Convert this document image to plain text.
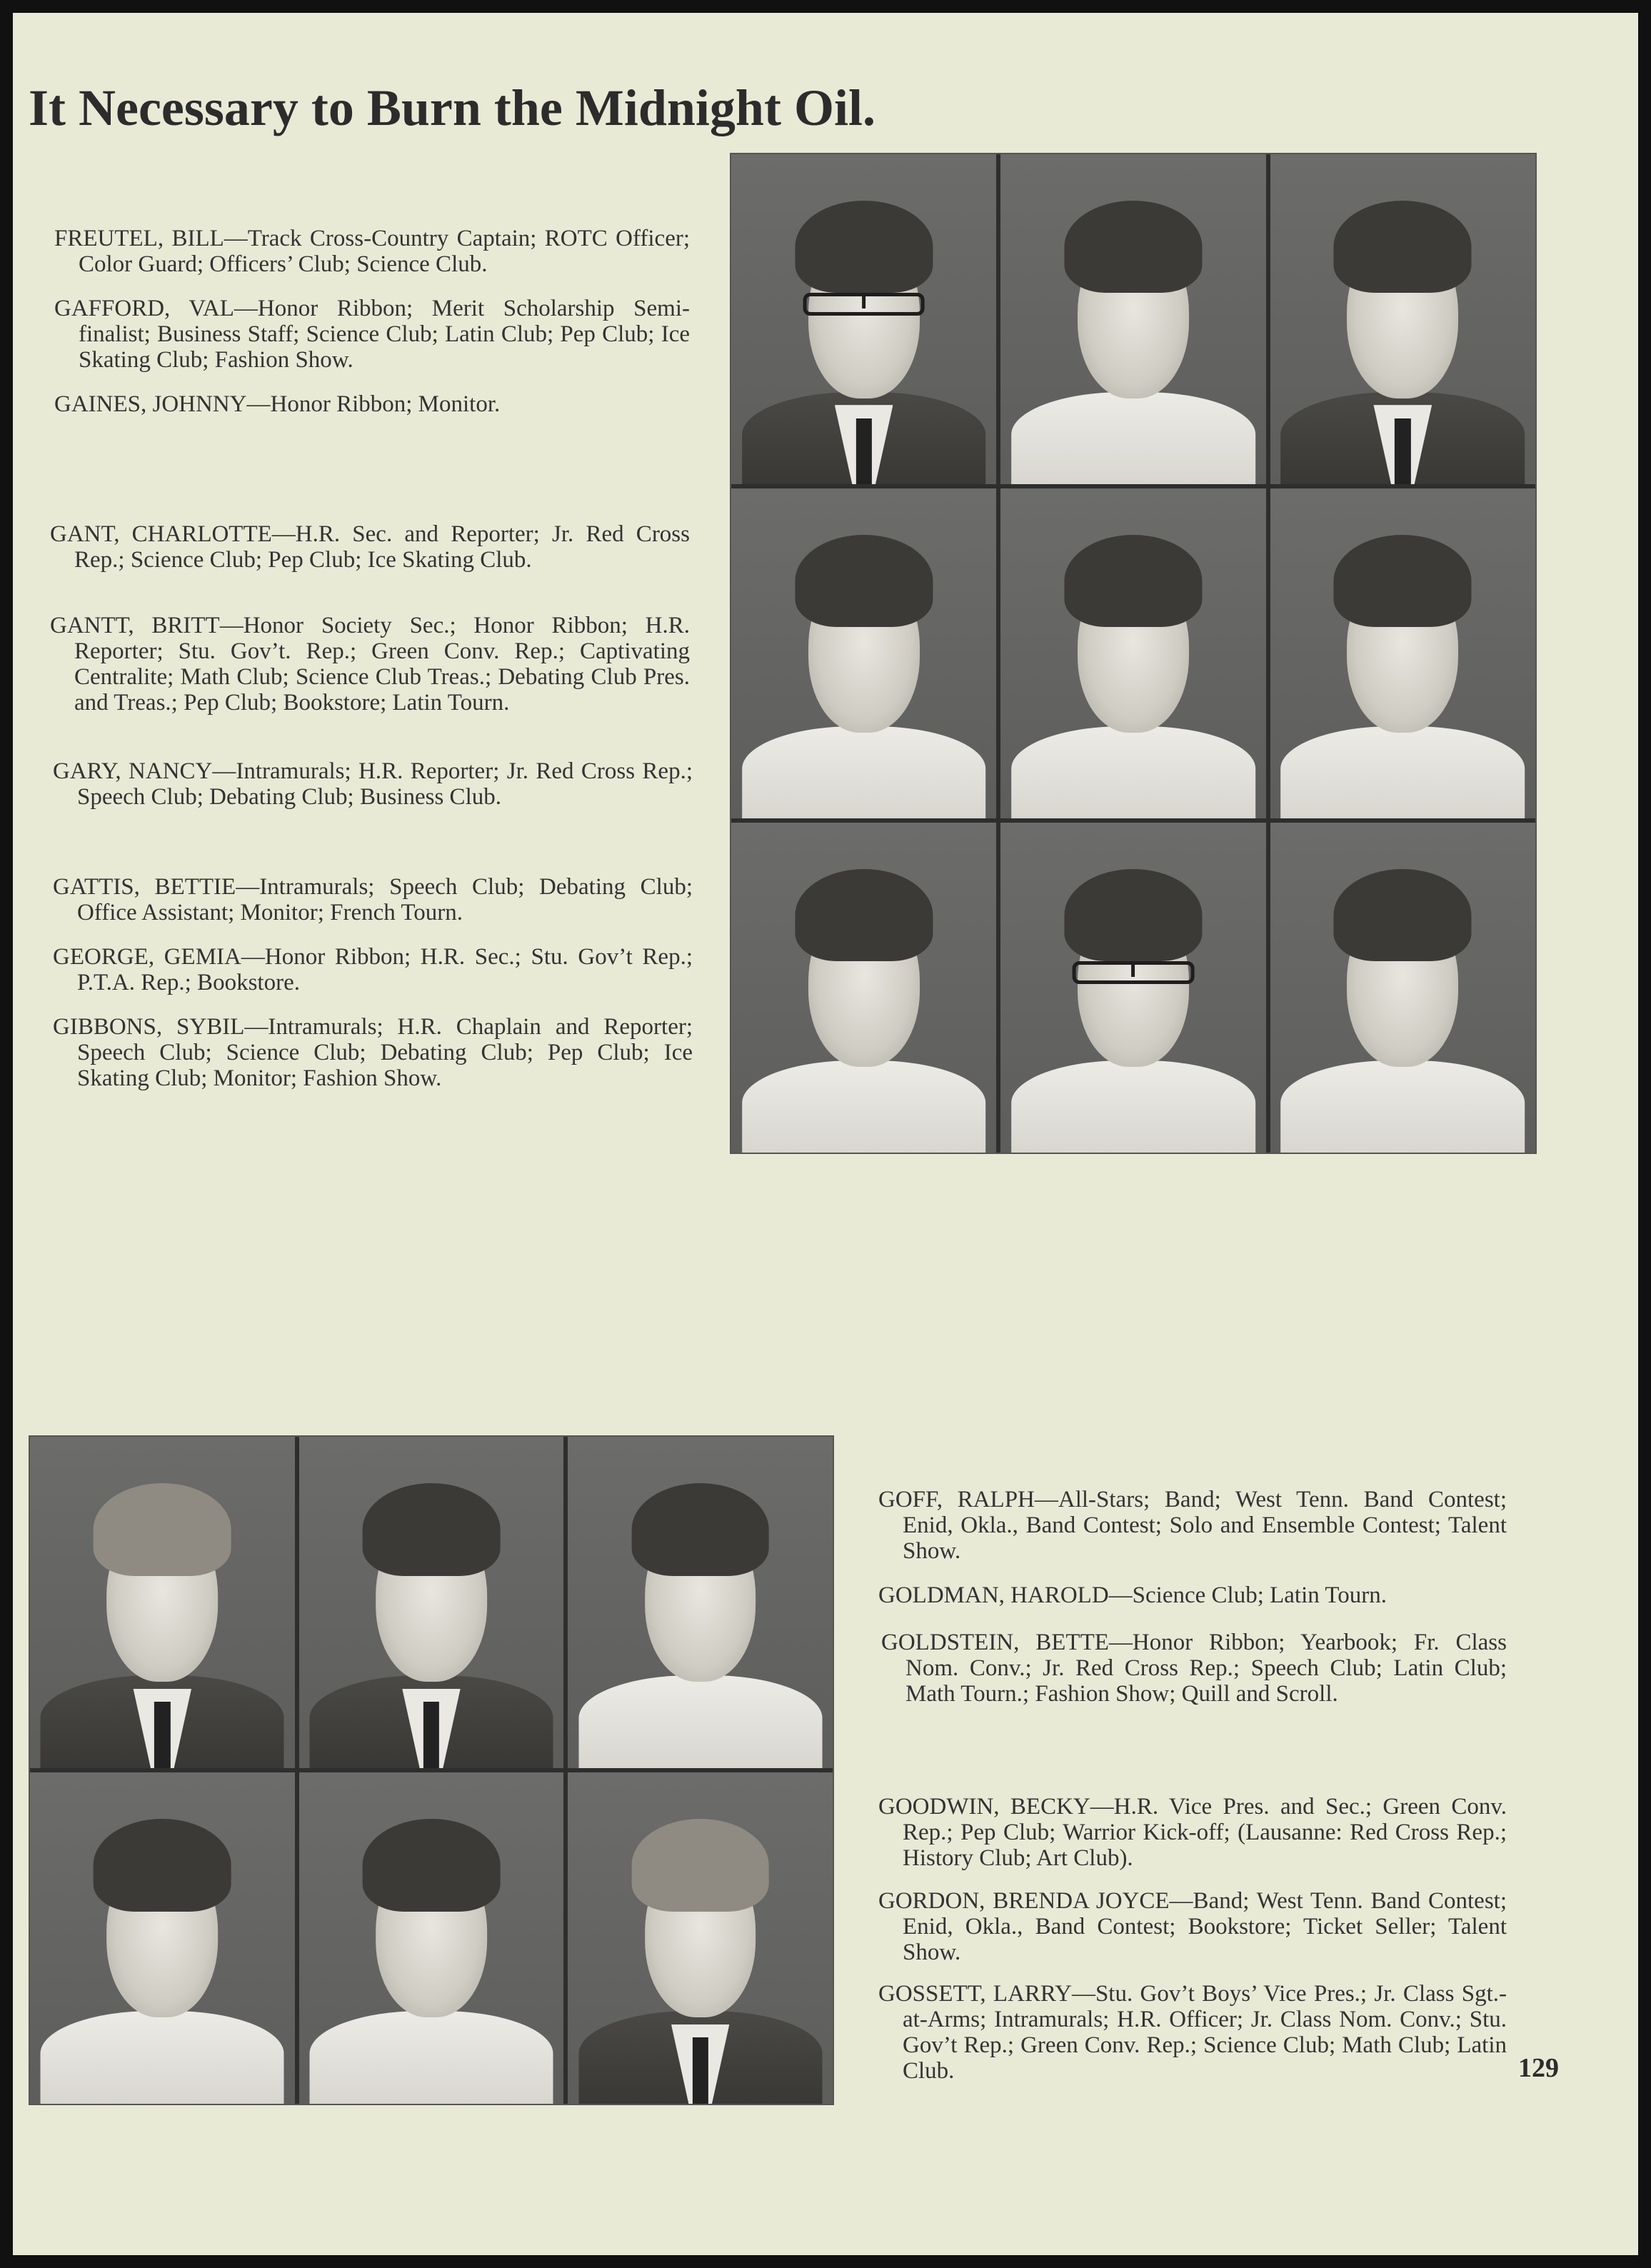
It Necessary to Burn the Midnight Oil.
FREUTEL, BILL—Track Cross-Country Captain; ROTC Officer; Color Guard; Officers’ Club; Science Club.
GAFFORD, VAL—Honor Ribbon; Merit Scholarship Semi-finalist; Business Staff; Science Club; Latin Club; Pep Club; Ice Skating Club; Fashion Show.
GAINES, JOHNNY—Honor Ribbon; Monitor.
GANT, CHARLOTTE—H.R. Sec. and Reporter; Jr. Red Cross Rep.; Science Club; Pep Club; Ice Skating Club.
GANTT, BRITT—Honor Society Sec.; Honor Ribbon; H.R. Reporter; Stu. Gov’t. Rep.; Green Conv. Rep.; Captivating Centralite; Math Club; Science Club Treas.; Debating Club Pres. and Treas.; Pep Club; Bookstore; Latin Tourn.
GARY, NANCY—Intramurals; H.R. Reporter; Jr. Red Cross Rep.; Speech Club; Debating Club; Business Club.
GATTIS, BETTIE—Intramurals; Speech Club; Debating Club; Office Assistant; Monitor; French Tourn.
GEORGE, GEMIA—Honor Ribbon; H.R. Sec.; Stu. Gov’t Rep.; P.T.A. Rep.; Bookstore.
GIBBONS, SYBIL—Intramurals; H.R. Chaplain and Reporter; Speech Club; Science Club; Debating Club; Pep Club; Ice Skating Club; Monitor; Fashion Show.
GOFF, RALPH—All-Stars; Band; West Tenn. Band Contest; Enid, Okla., Band Contest; Solo and Ensemble Contest; Talent Show.
GOLDMAN, HAROLD—Science Club; Latin Tourn.
GOLDSTEIN, BETTE—Honor Ribbon; Yearbook; Fr. Class Nom. Conv.; Jr. Red Cross Rep.; Speech Club; Latin Club; Math Tourn.; Fashion Show; Quill and Scroll.
GOODWIN, BECKY—H.R. Vice Pres. and Sec.; Green Conv. Rep.; Pep Club; Warrior Kick-off; (Lausanne: Red Cross Rep.; History Club; Art Club).
GORDON, BRENDA JOYCE—Band; West Tenn. Band Contest; Enid, Okla., Band Contest; Bookstore; Ticket Seller; Talent Show.
GOSSETT, LARRY—Stu. Gov’t Boys’ Vice Pres.; Jr. Class Sgt.-at-Arms; Intramurals; H.R. Officer; Jr. Class Nom. Conv.; Stu. Gov’t Rep.; Green Conv. Rep.; Science Club; Math Club; Latin Club.	129
